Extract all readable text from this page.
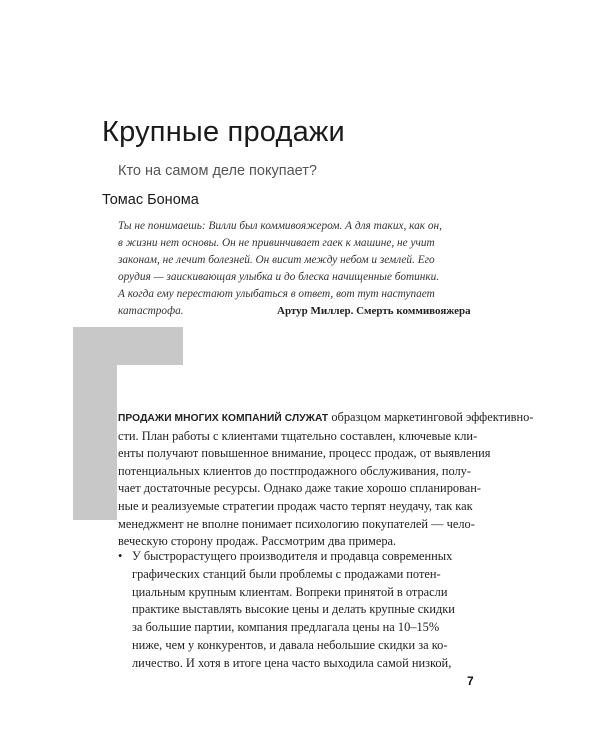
Крупные продажи
Кто на самом деле покупает?
Томас Бонома
Ты не понимаешь: Вилли был коммивояжером. А для таких, как он,
в жизни нет основы. Он не привинчивает гаек к машине, не учит
законам, не лечит болезней. Он висит между небом и землей. Его
орудия — заискивающая улыбка и до блеска начищенные ботинки.
А когда ему перестают улыбаться в ответ, вот тут наступает
катастрофа.	Артур Миллер. Смерть коммивояжера
ПРОДАЖИ МНОГИХ КОМПАНИЙ СЛУЖАТ образцом маркетинговой эффективно-
сти. План работы с клиентами тщательно составлен, ключевые кли-
енты получают повышенное внимание, процесс продаж, от выявления
потенциальных клиентов до постпродажного обслуживания, полу-
чает достаточные ресурсы. Однако даже такие хорошо спланирован-
ные и реализуемые стратегии продаж часто терпят неудачу, так как
менеджмент не вполне понимает психологию покупателей — чело-
веческую сторону продаж. Рассмотрим два примера.
• У быстрорастущего производителя и продавца современных
графических станций были проблемы с продажами потен-
циальным крупным клиентам. Вопреки принятой в отрасли
практике выставлять высокие цены и делать крупные скидки
за большие партии, компания предлагала цены на 10–15%
ниже, чем у конкурентов, и давала небольшие скидки за ко-
личество. И хотя в итоге цена часто выходила самой низкой,
7
